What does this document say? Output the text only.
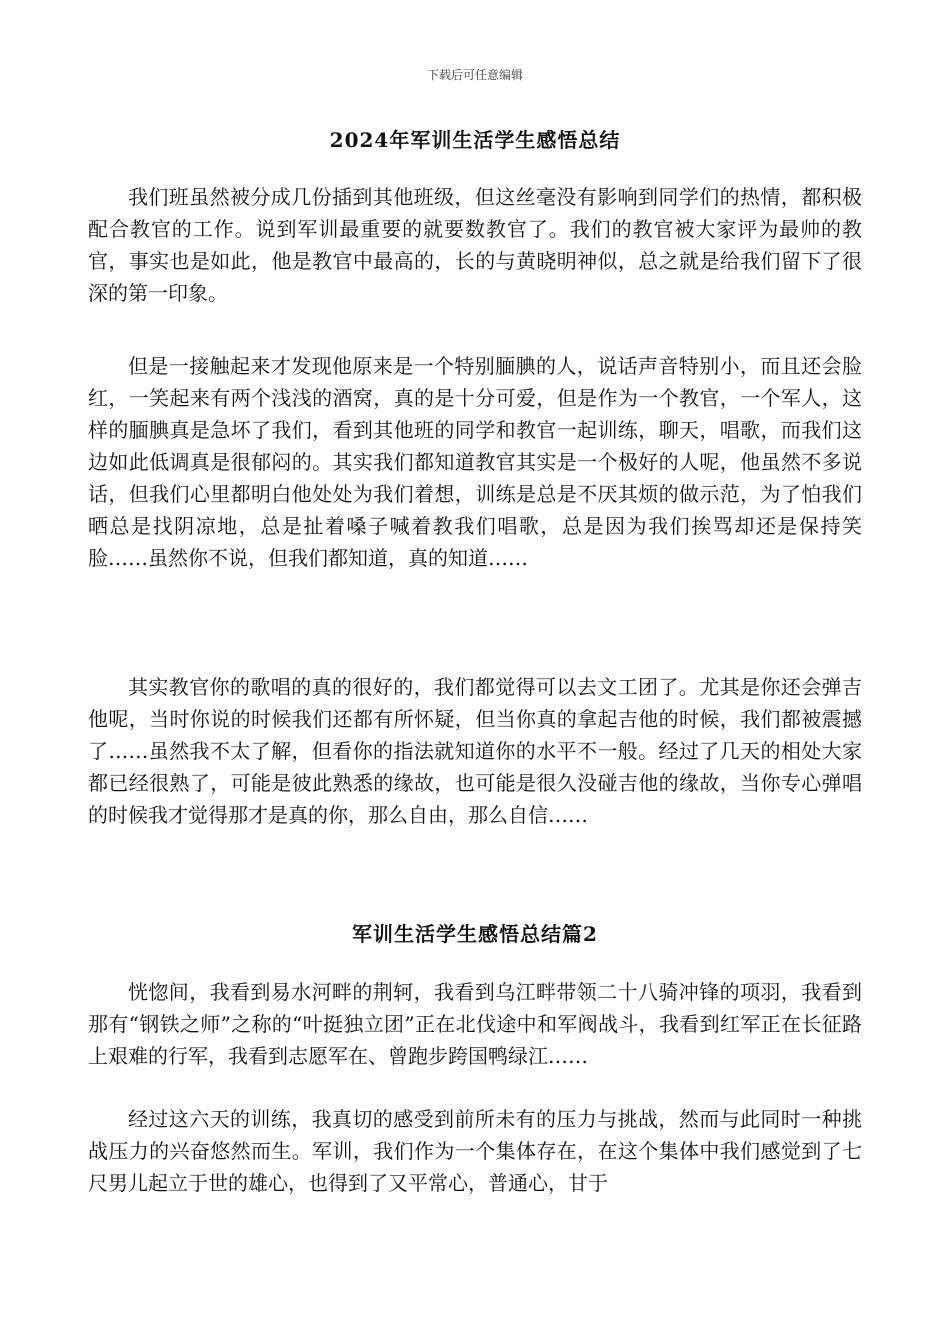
下载后可任意编辑
2024年军训生活学生感悟总结

我们班虽然被分成几份插到其他班级，但这丝毫没有影响到同学们的热情，都积极配合教官的工作。说到军训最重要的就要数教官了。我们的教官被大家评为最帅的教官，事实也是如此，他是教官中最高的，长的与黄晓明神似，总之就是给我们留下了很深的第一印象。

但是一接触起来才发现他原来是一个特别腼腆的人，说话声音特别小，而且还会脸红，一笑起来有两个浅浅的酒窝，真的是十分可爱，但是作为一个教官，一个军人，这样的腼腆真是急坏了我们，看到其他班的同学和教官一起训练，聊天，唱歌，而我们这边如此低调真是很郁闷的。其实我们都知道教官其实是一个极好的人呢，他虽然不多说话，但我们心里都明白他处处为我们着想，训练是总是不厌其烦的做示范，为了怕我们晒总是找阴凉地，总是扯着嗓子喊着教我们唱歌，总是因为我们挨骂却还是保持笑脸……虽然你不说，但我们都知道，真的知道……

其实教官你的歌唱的真的很好的，我们都觉得可以去文工团了。尤其是你还会弹吉他呢，当时你说的时候我们还都有所怀疑，但当你真的拿起吉他的时候，我们都被震撼了……虽然我不太了解，但看你的指法就知道你的水平不一般。经过了几天的相处大家都已经很熟了，可能是彼此熟悉的缘故，也可能是很久没碰吉他的缘故，当你专心弹唱的时候我才觉得那才是真的你，那么自由，那么自信……

军训生活学生感悟总结篇2

恍惚间，我看到易水河畔的荆轲，我看到乌江畔带领二十八骑冲锋的项羽，我看到那有“钢铁之师”之称的“叶挺独立团”正在北伐途中和军阀战斗，我看到红军正在长征路上艰难的行军，我看到志愿军在、曾跑步跨国鸭绿江……

经过这六天的训练，我真切的感受到前所未有的压力与挑战，然而与此同时一种挑战压力的兴奋悠然而生。军训，我们作为一个集体存在，在这个集体中我们感觉到了七尺男儿起立于世的雄心，也得到了又平常心，普通心，甘于
